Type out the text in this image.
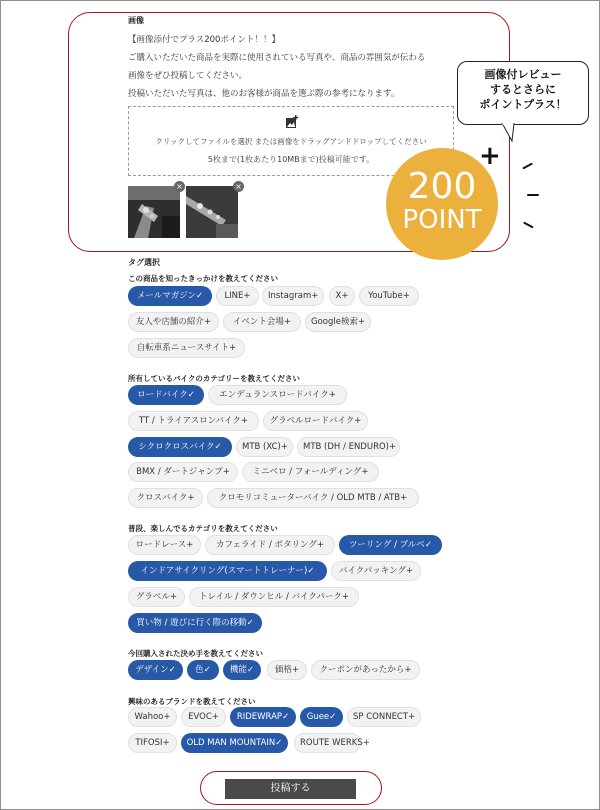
画像
【画像添付でプラス200ポイント！！】
ご購入いただいた商品を実際に使用されている写真や、商品の雰囲気が伝わる
画像をぜひ投稿してください。
投稿いただいた写真は、他のお客様が商品を選ぶ際の参考になります。
クリックしてファイルを選択 または画像をドラッグアンドドロップしてください
5枚まで(1枚あたり10MBまで)投稿可能です。
×	×
画像付レビュー
するとさらに
ポイントプラス！
200
POINT
+
タグ選択
この商品を知ったきっかけを教えてください
メールマガジン✓	LINE+	Instagram+	X+	YouTube+
友人や店舗の紹介+	イベント会場+	Google検索+
自転車系ニュースサイト+
所有しているバイクのカテゴリーを教えてください
ロードバイク✓	エンデュランスロードバイク+
TT / トライアスロンバイク+	グラベルロードバイク+
シクロクロスバイク✓	MTB (XC)+	MTB (DH / ENDURO)+
BMX / ダートジャンプ+	ミニベロ / フォールディング+
クロスバイク+	クロモリコミューターバイク / OLD MTB / ATB+
普段、楽しんでるカテゴリを教えてください
ロードレース+	カフェライド / ポタリング+	ツーリング / ブルベ✓
インドアサイクリング(スマートトレーナー)✓	バイクパッキング+
グラベル+	トレイル / ダウンヒル / バイクパーク+
買い物 / 遊びに行く際の移動✓
今回購入された決め手を教えてください
デザイン✓	色✓	機能✓	価格+	クーポンがあったから+
興味のあるブランドを教えてください
Wahoo+	EVOC+	RIDEWRAP✓	Guee✓	SP CONNECT+
TIFOSI+	OLD MAN MOUNTAIN✓	ROUTE WERKS+
投稿する
